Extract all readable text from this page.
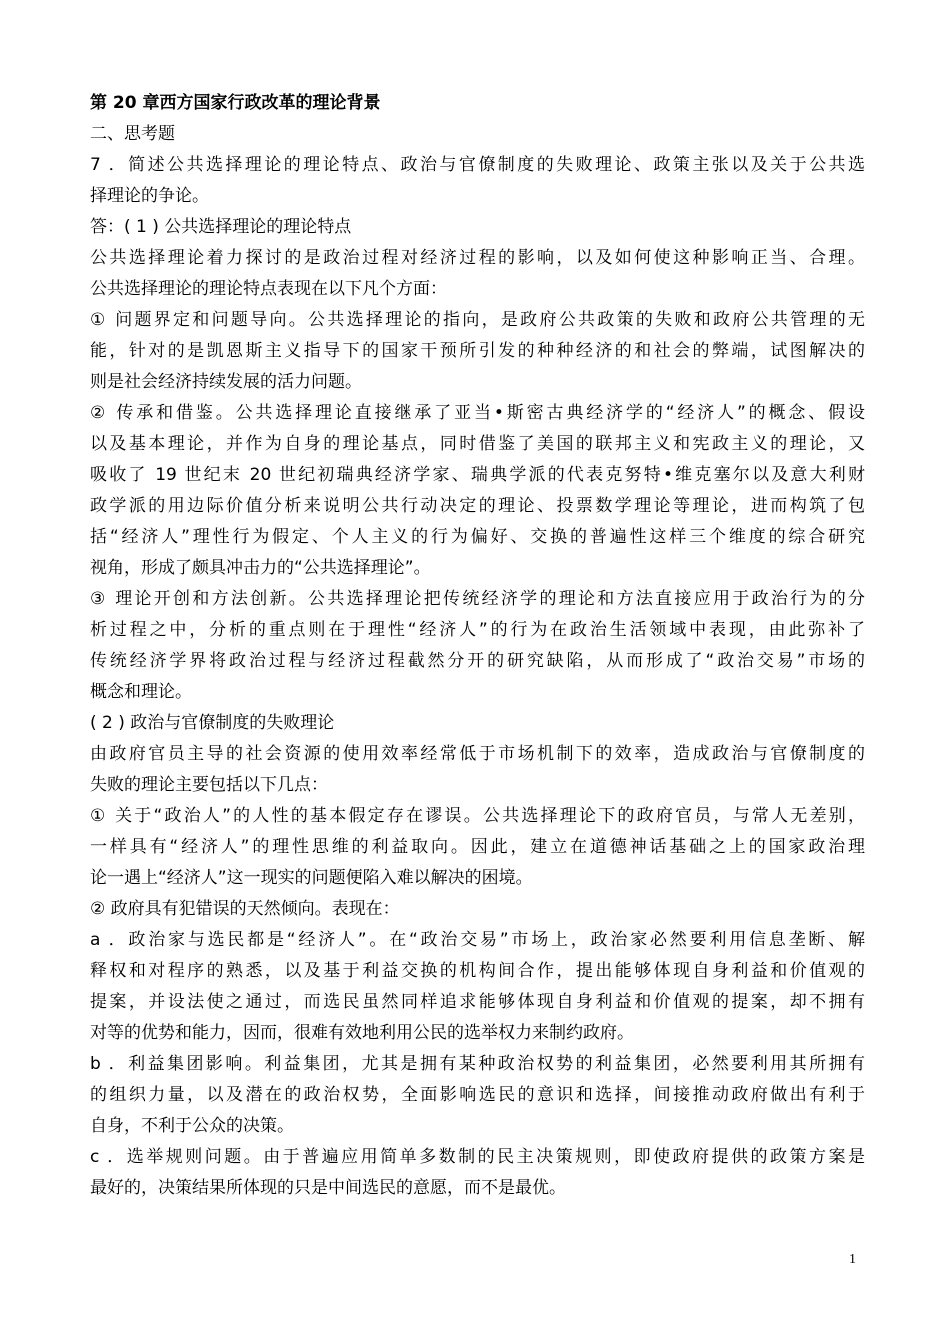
第 20 章西方国家行政改革的理论背景
二、思考题
7 ．简述公共选择理论的理论特点、政治与官僚制度的失败理论、政策主张以及关于公共选
择理论的争论。
答：( 1 ) 公共选择理论的理论特点
公共选择理论着力探讨的是政治过程对经济过程的影响，以及如何使这种影响正当、合理。
公共选择理论的理论特点表现在以下凡个方面：
① 问题界定和问题导向。公共选择理论的指向，是政府公共政策的失败和政府公共管理的无
能，针对的是凯恩斯主义指导下的国家干预所引发的种种经济的和社会的弊端，试图解决的
则是社会经济持续发展的活力问题。
② 传承和借鉴。公共选择理论直接继承了亚当•斯密古典经济学的“经济人”的概念、假设
以及基本理论，并作为自身的理论基点，同时借鉴了美国的联邦主义和宪政主义的理论，又
吸收了 19 世纪末 20 世纪初瑞典经济学家、瑞典学派的代表克努特•维克塞尔以及意大利财
政学派的用边际价值分析来说明公共行动决定的理论、投票数学理论等理论，进而构筑了包
括“经济人”理性行为假定、个人主义的行为偏好、交换的普遍性这样三个维度的综合研究
视角，形成了颇具冲击力的“公共选择理论”。
③ 理论开创和方法创新。公共选择理论把传统经济学的理论和方法直接应用于政治行为的分
析过程之中，分析的重点则在于理性“经济人”的行为在政治生活领域中表现，由此弥补了
传统经济学界将政治过程与经济过程截然分开的研究缺陷，从而形成了“政治交易”市场的
概念和理论。
( 2 ) 政治与官僚制度的失败理论
由政府官员主导的社会资源的使用效率经常低于市场机制下的效率，造成政治与官僚制度的
失败的理论主要包括以下几点：
① 关于“政治人”的人性的基本假定存在谬误。公共选择理论下的政府官员，与常人无差别，
一样具有“经济人”的理性思维的利益取向。因此，建立在道德神话基础之上的国家政治理
论一遇上“经济人”这一现实的问题便陷入难以解决的困境。
② 政府具有犯错误的天然倾向。表现在：
a ．政治家与选民都是“经济人”。在“政治交易”市场上，政治家必然要利用信息垄断、解
释权和对程序的熟悉，以及基于利益交换的机构间合作，提出能够体现自身利益和价值观的
提案，并设法使之通过，而选民虽然同样追求能够体现自身利益和价值观的提案，却不拥有
对等的优势和能力，因而，很难有效地利用公民的选举权力来制约政府。
b ．利益集团影响。利益集团，尤其是拥有某种政治权势的利益集团，必然要利用其所拥有
的组织力量，以及潜在的政治权势，全面影响选民的意识和选择，间接推动政府做出有利于
自身，不利于公众的决策。
c ．选举规则问题。由于普遍应用简单多数制的民主决策规则，即使政府提供的政策方案是
最好的，决策结果所体现的只是中间选民的意愿，而不是最优。
1
